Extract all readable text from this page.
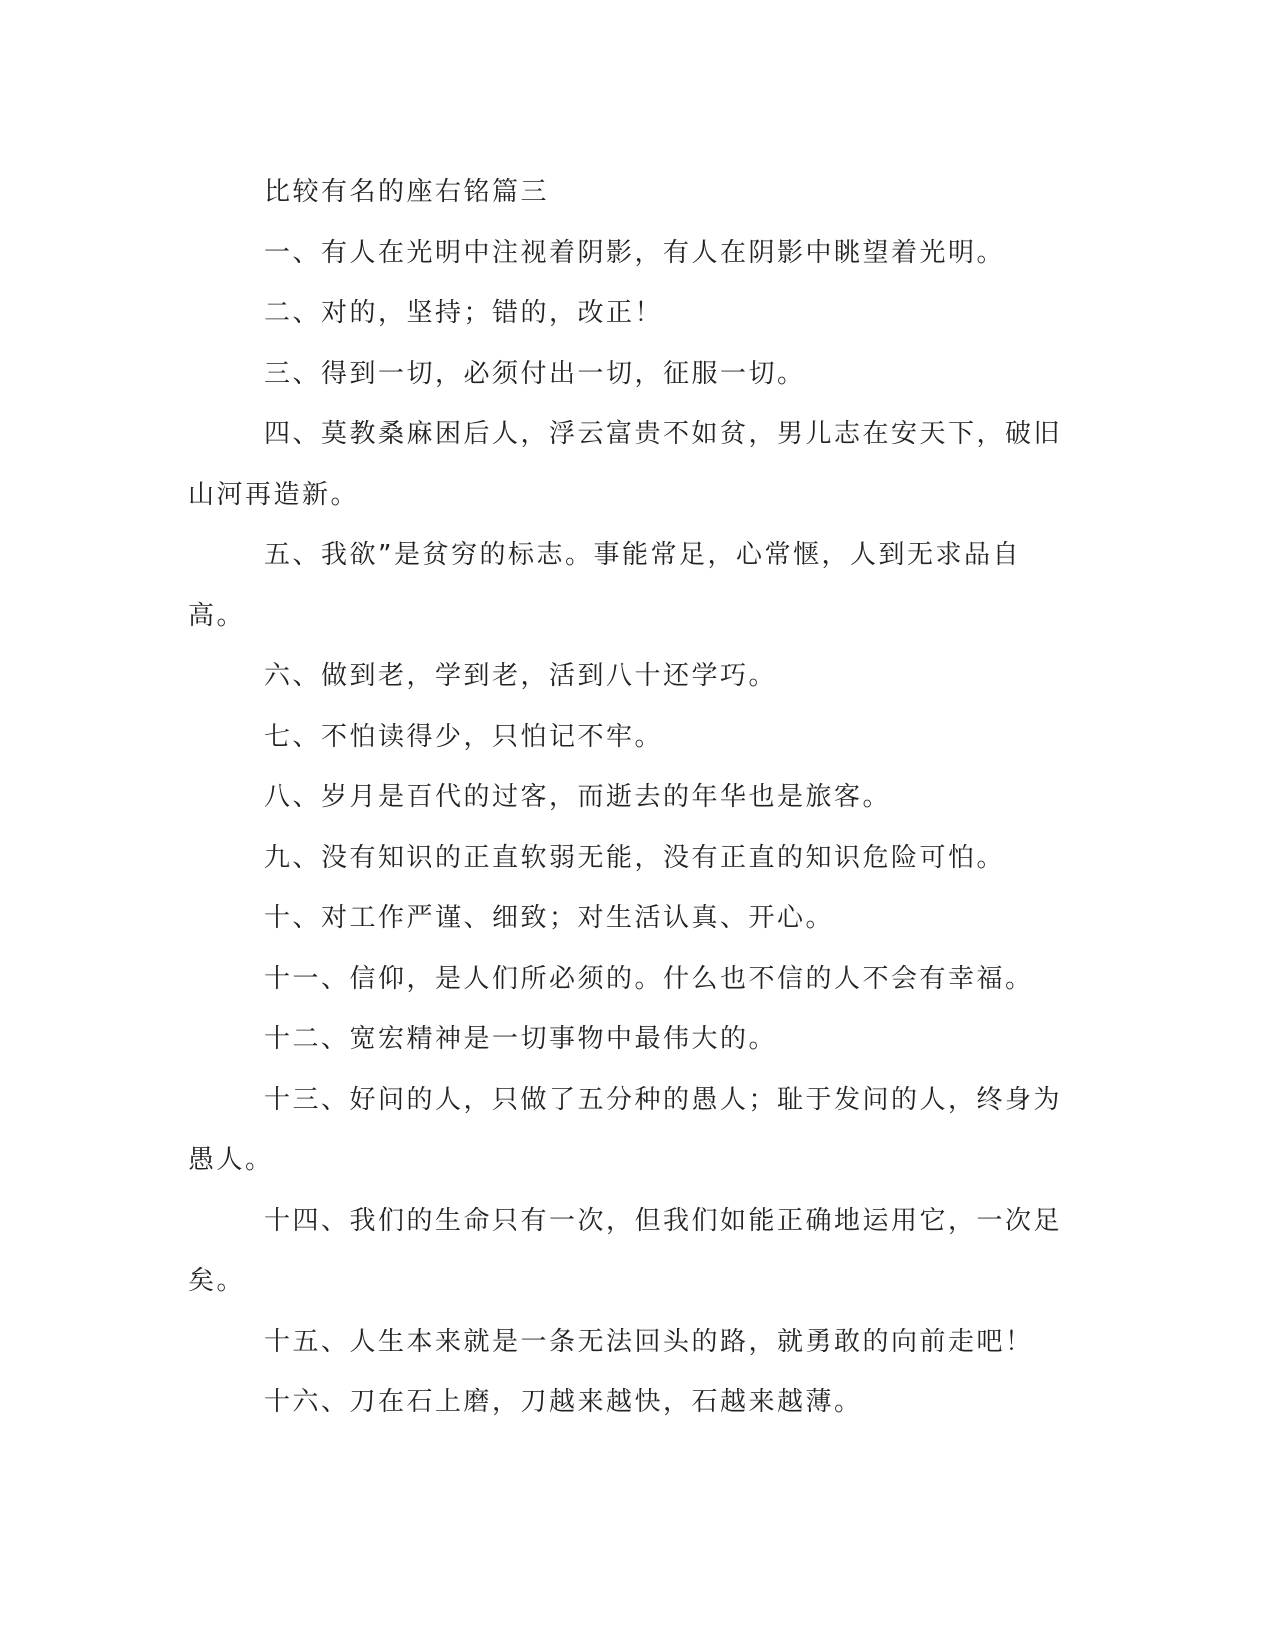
比较有名的座右铭篇三

一、有人在光明中注视着阴影，有人在阴影中眺望着光明。

二、对的，坚持；错的，改正！

三、得到一切，必须付出一切，征服一切。

四、莫教桑麻困后人，浮云富贵不如贫，男儿志在安天下，破旧山河再造新。

五、我欲”是贫穷的标志。事能常足，心常惬，人到无求品自高。

六、做到老，学到老，活到八十还学巧。

七、不怕读得少，只怕记不牢。

八、岁月是百代的过客，而逝去的年华也是旅客。

九、没有知识的正直软弱无能，没有正直的知识危险可怕。

十、对工作严谨、细致；对生活认真、开心。

十一、信仰，是人们所必须的。什么也不信的人不会有幸福。

十二、宽宏精神是一切事物中最伟大的。

十三、好问的人，只做了五分种的愚人；耻于发问的人，终身为愚人。

十四、我们的生命只有一次，但我们如能正确地运用它，一次足矣。

十五、人生本来就是一条无法回头的路，就勇敢的向前走吧！

十六、刀在石上磨，刀越来越快，石越来越薄。
